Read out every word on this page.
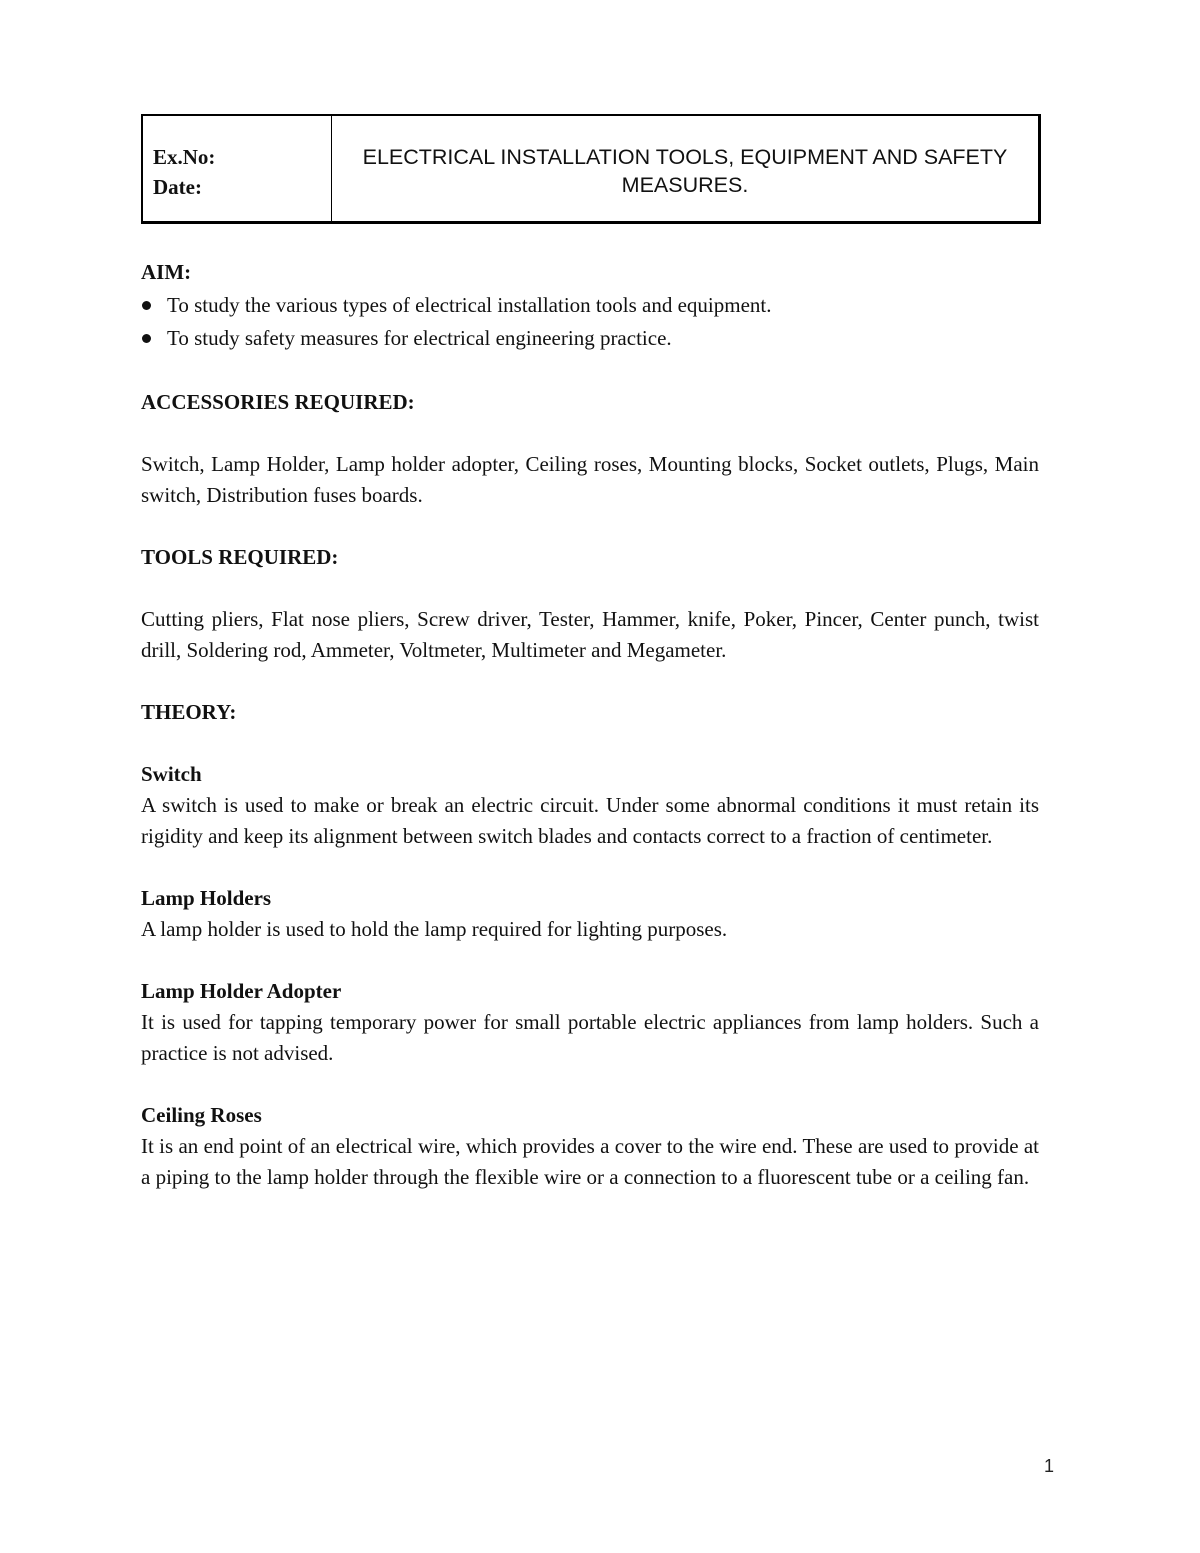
Ex.No:
Date:
ELECTRICAL INSTALLATION TOOLS, EQUIPMENT AND SAFETY MEASURES.

AIM:

To study the various types of electrical installation tools and equipment.
To study safety measures for electrical engineering practice.

ACCESSORIES REQUIRED:

Switch, Lamp Holder, Lamp holder adopter, Ceiling roses, Mounting blocks, Socket outlets, Plugs, Main switch, Distribution fuses boards.

TOOLS REQUIRED:

Cutting pliers, Flat nose pliers, Screw driver, Tester, Hammer, knife, Poker, Pincer, Center punch, twist drill, Soldering rod, Ammeter, Voltmeter, Multimeter and Megameter.

THEORY:

Switch

A switch is used to make or break an electric circuit. Under some abnormal conditions it must retain its rigidity and keep its alignment between switch blades and contacts correct to a fraction of centimeter.

Lamp Holders

A lamp holder is used to hold the lamp required for lighting purposes.

Lamp Holder Adopter

It is used for tapping temporary power for small portable electric appliances from lamp holders. Such a practice is not advised.

Ceiling Roses

It is an end point of an electrical wire, which provides a cover to the wire end. These are used to provide at a piping to the lamp holder through the flexible wire or a connection to a fluorescent tube or a ceiling fan.

1
